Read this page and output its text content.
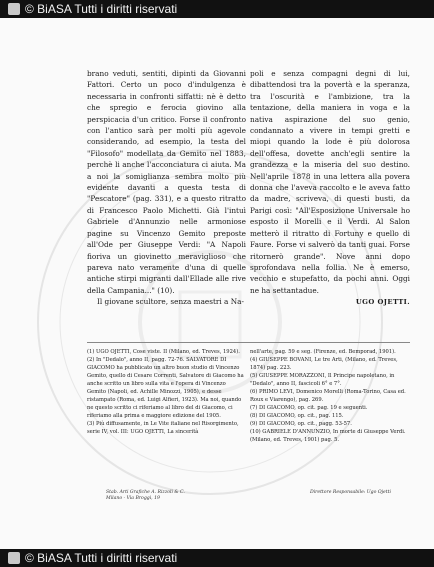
© BiASA Tutti i diritti riservati

brano veduti, sentiti, dipinti da Giovanni Fattori. Certo un poco d'indulgenza è necessaria in confronti siffatti: nè è detto che spregio e ferocia giovino alla perspicacia d'un critico. Forse il confronto con l'antico sarà per molti più agevole considerando, ad esempio, la testa del "Filosofo" modellata da Gemito nel 1883, perchè li anche l'acconciatura ci aiuta. Ma a noi la somiglianza sembra molto più evidente davanti a questa testa di "Pescatore" (pag. 331), e a questo ritratto di Francesco Paolo Michetti. Già l'intuì Gabriele d'Annunzio nelle armoniose pagine su Vincenzo Gemito preposte all'Ode per Giuseppe Verdi: "A Napoli fioriva un giovinetto meraviglioso che pareva nato veramente d'una di quelle antiche stirpi migranti dall'Ellade alle rive della Campania..." (10).

Il giovane scultore, senza maestri a Na-

poli e senza compagni degni di lui, dibattendosi tra la povertà e la speranza, tra l'oscurità e l'ambizione, tra la tentazione, della maniera in voga e la nativa aspirazione del suo genio, condannato a vivere in tempi gretti e miopi quando la lode è più dolorosa dell'offesa, dovette anch'egli sentire la grandezza e la miseria del suo destino. Nell'aprile 1878 in una lettera alla povera donna che l'aveva raccolto e le aveva fatto da madre, scriveva, di questi busti, da Parigi così: "All'Esposizione Universale ho esposto il Morelli e il Verdi. Al Salon metterò il ritratto di Fortuny e quello di Faure. Forse vi salverò da tanti guai. Forse ritornerò grande". Nove anni dopo sprofondava nella follia. Ne è emerso, vecchio e stupefatto, da pochi anni. Oggi ne ha settantadue.

UGO OJETTI.

(1) UGO OJETTI, Cose viste. II (Milano, ed. Treves, 1924).

(2) In "Dedalo", anno II, pagg. 72-76. SALVATORE DI GIACOMO ha pubblicato un altro buon studio di Vincenzo Gemito, quello di Cesare Correnti, Salvatore di Giacomo ha anche scritto un libro sulla vita e l'opera di Vincenzo Gemito (Napoli, ed. Achille Minozzi, 1905), e desse ristampato (Roma, ed. Luigi Alfieri, 1923). Ma noi, quando ne questo scritto ci riferiamo al libro del di Giacomo, ci riferiamo alla prima e maggiore edizione del 1905.

(3) Più diffusamente, in Le Vite italiane nel Risorgimento, serie IV, vol. III: UGO OJETTI, La sincerità

nell'arte, pag. 59 e seg. (Firenze, ed. Bemporad, 1901).

(4) GIUSEPPE BOVANI, Le tre Arti, (Milano, ed. Treves, 1874) pag. 223.

(5) GIUSEPPE MORAZZONI, Il Principe napoletano, in "Dedalo", anno II, fascicoli 6° e 7°.

(6) PRIMO LEVI, Domenico Morelli (Roma-Torino, Casa ed. Roux e Viarengo), pag. 269.

(7) DI GIACOMO, op. cit. pag. 19 e seguenti.

(8) DI GIACOMO, op. cit., pag. 115.

(9) DI GIACOMO, op. cit., pagg. 53-57.

(10) GABRIELE D'ANNUNZIO, In morte di Giuseppe Verdi. (Milano, ed. Treves, 1901) pag. 5.

Stab. Arti Grafiche A. Rizzoli & C.
Milano - Via Broggi, 19
Direttore Responsabile: Ugo Ojetti
© BiASA Tutti i diritti riservati
